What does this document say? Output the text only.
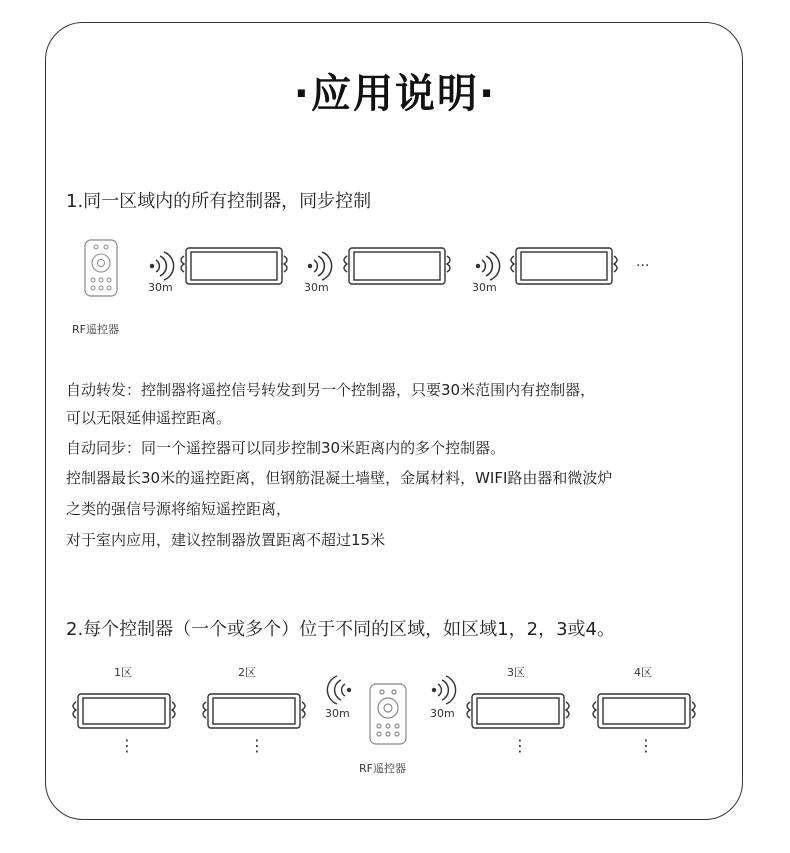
·应用说明·
1.同一区域内的所有控制器，同步控制
30m	30m	30m
···
RF遥控器
自动转发：控制器将遥控信号转发到另一个控制器，只要30米范围内有控制器，
可以无限延伸遥控距离。
自动同步：同一个遥控器可以同步控制30米距离内的多个控制器。
控制器最长30米的遥控距离，但钢筋混凝土墙壁，金属材料，WIFI路由器和微波炉
之类的强信号源将缩短遥控距离，
对于室内应用，建议控制器放置距离不超过15米
2.每个控制器（一个或多个）位于不同的区域，如区域1，2，3或4。
1区	2区	3区	4区
30m	30m
⋮	⋮	⋮	⋮
RF遥控器
